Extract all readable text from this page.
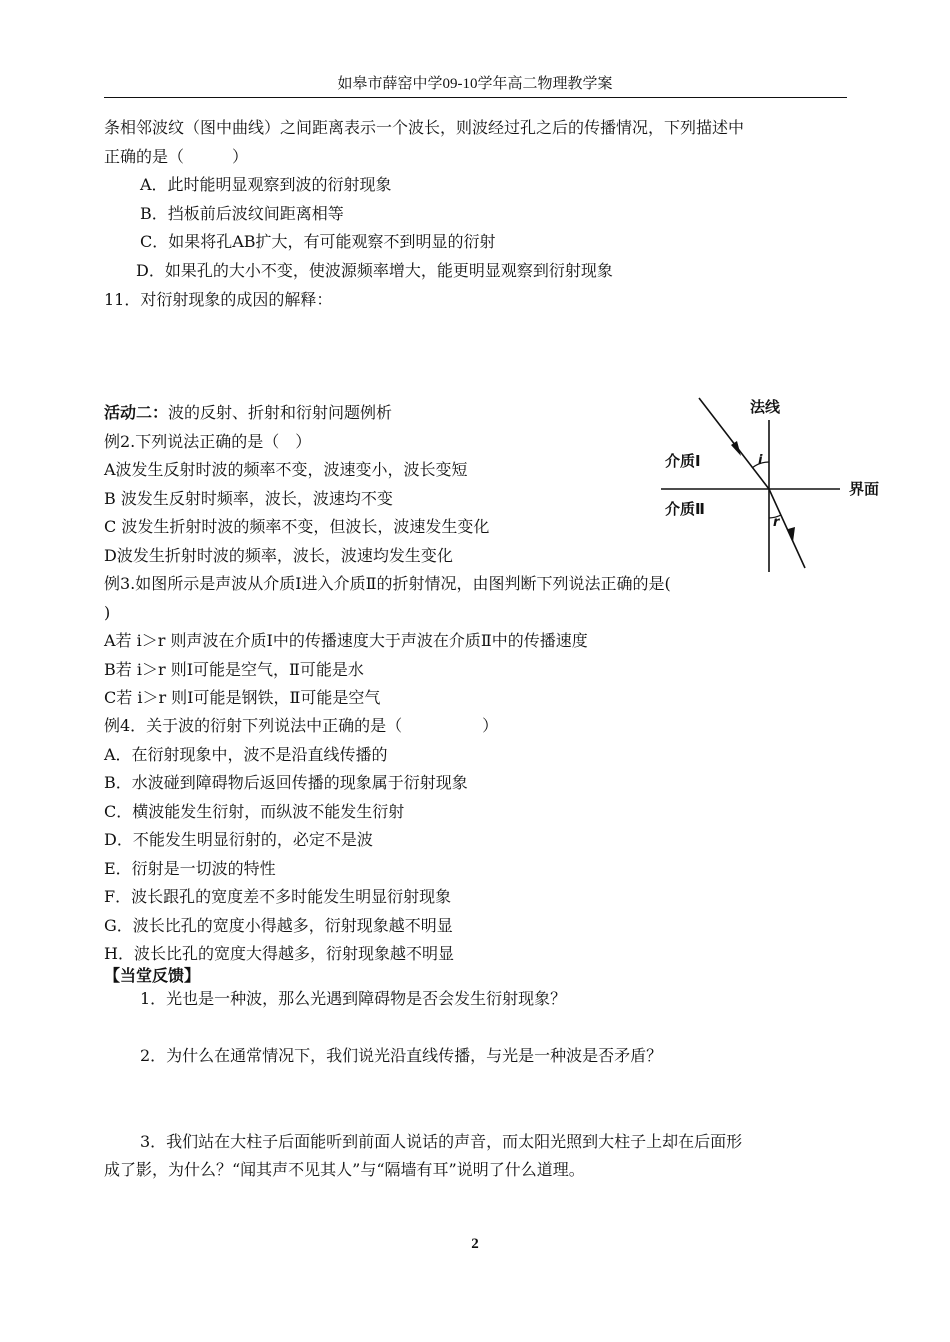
如皋市薛窑中学09-10学年高二物理教学案
条相邻波纹（图中曲线）之间距离表示一个波长，则波经过孔之后的传播情况，下列描述中
正确的是（　　　）
A．此时能明显观察到波的衍射现象
B．挡板前后波纹间距离相等
C．如果将孔AB扩大，有可能观察不到明显的衍射
D．如果孔的大小不变，使波源频率增大，能更明显观察到衍射现象
11．对衍射现象的成因的解释：
活动二：波的反射、折射和衍射问题例析
例2.下列说法正确的是（　）
A波发生反射时波的频率不变，波速变小，波长变短
B 波发生反射时频率，波长，波速均不变
C 波发生折射时波的频率不变，但波长，波速发生变化
D波发生折射时波的频率，波长，波速均发生变化
例3.如图所示是声波从介质Ⅰ进入介质Ⅱ的折射情况，由图判断下列说法正确的是(
)
A若 i＞r 则声波在介质Ⅰ中的传播速度大于声波在介质Ⅱ中的传播速度
B若 i＞r 则Ⅰ可能是空气，Ⅱ可能是水
C若 i＞r 则Ⅰ可能是钢铁，Ⅱ可能是空气
例4．关于波的衍射下列说法中正确的是（　　　　　）
A．在衍射现象中，波不是沿直线传播的
B．水波碰到障碍物后返回传播的现象属于衍射现象
C．横波能发生衍射，而纵波不能发生衍射
D．不能发生明显衍射的，必定不是波
E．衍射是一切波的特性
F．波长跟孔的宽度差不多时能发生明显衍射现象
G．波长比孔的宽度小得越多，衍射现象越不明显
H．波长比孔的宽度大得越多，衍射现象越不明显
【当堂反馈】
1．光也是一种波，那么光遇到障碍物是否会发生衍射现象？
2．为什么在通常情况下，我们说光沿直线传播，与光是一种波是否矛盾？
3．我们站在大柱子后面能听到前面人说话的声音，而太阳光照到大柱子上却在后面形
成了影，为什么？“闻其声不见其人”与“隔墙有耳”说明了什么道理。
法线
界面
介质Ⅰ
介质Ⅱ
i
r
2
